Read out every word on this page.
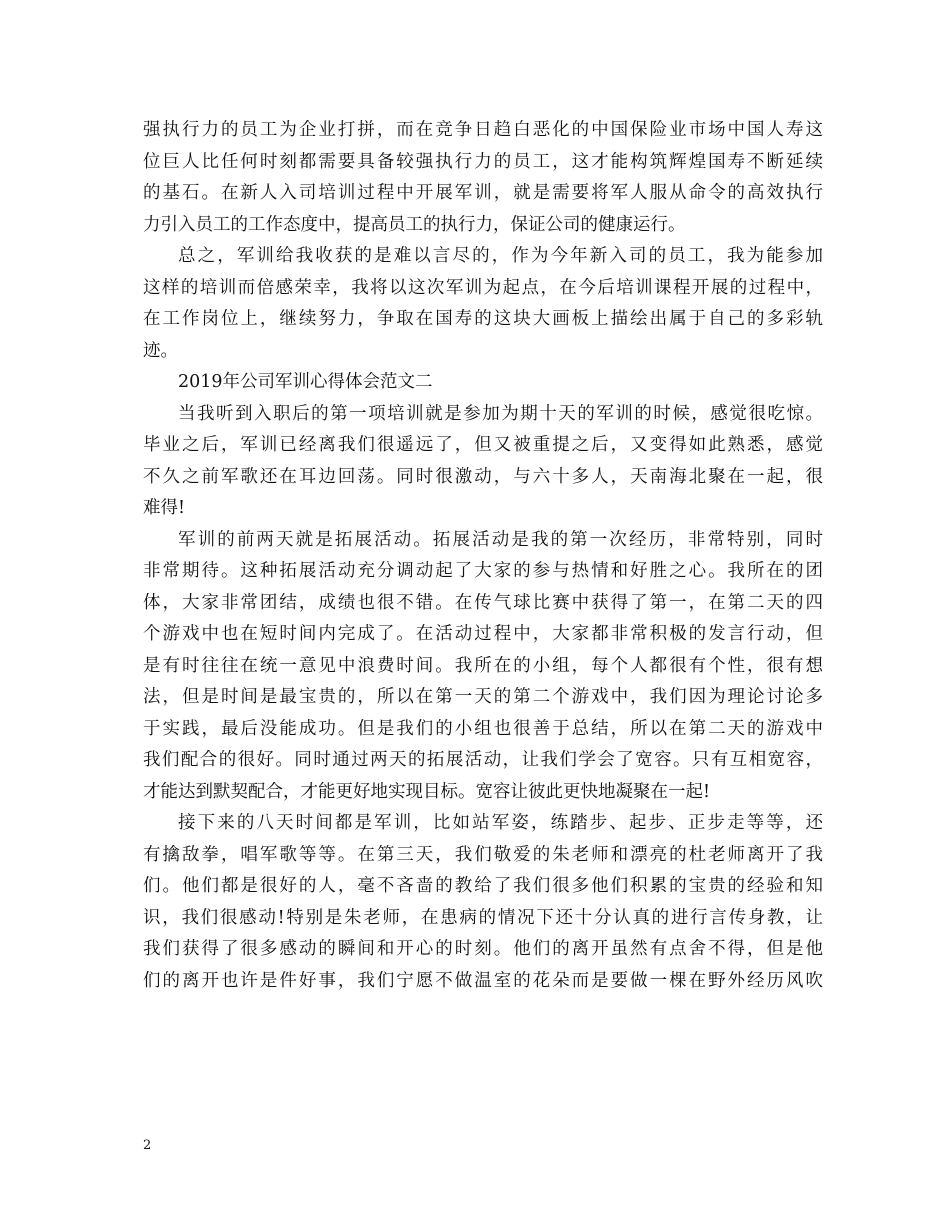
强执行力的员工为企业打拼，而在竞争日趋白恶化的中国保险业市场中国人寿这
位巨人比任何时刻都需要具备较强执行力的员工，这才能构筑辉煌国寿不断延续
的基石。在新人入司培训过程中开展军训，就是需要将军人服从命令的高效执行
力引入员工的工作态度中，提高员工的执行力，保证公司的健康运行。
总之，军训给我收获的是难以言尽的，作为今年新入司的员工，我为能参加
这样的培训而倍感荣幸，我将以这次军训为起点，在今后培训课程开展的过程中，
在工作岗位上，继续努力，争取在国寿的这块大画板上描绘出属于自己的多彩轨
迹。
2019年公司军训心得体会范文二
当我听到入职后的第一项培训就是参加为期十天的军训的时候，感觉很吃惊。
毕业之后，军训已经离我们很遥远了，但又被重提之后，又变得如此熟悉，感觉
不久之前军歌还在耳边回荡。同时很激动，与六十多人，天南海北聚在一起，很
难得!
军训的前两天就是拓展活动。拓展活动是我的第一次经历，非常特别，同时
非常期待。这种拓展活动充分调动起了大家的参与热情和好胜之心。我所在的团
体，大家非常团结，成绩也很不错。在传气球比赛中获得了第一，在第二天的四
个游戏中也在短时间内完成了。在活动过程中，大家都非常积极的发言行动，但
是有时往往在统一意见中浪费时间。我所在的小组，每个人都很有个性，很有想
法，但是时间是最宝贵的，所以在第一天的第二个游戏中，我们因为理论讨论多
于实践，最后没能成功。但是我们的小组也很善于总结，所以在第二天的游戏中
我们配合的很好。同时通过两天的拓展活动，让我们学会了宽容。只有互相宽容，
才能达到默契配合，才能更好地实现目标。宽容让彼此更快地凝聚在一起!
接下来的八天时间都是军训，比如站军姿，练踏步、起步、正步走等等，还
有擒敌拳，唱军歌等等。在第三天，我们敬爱的朱老师和漂亮的杜老师离开了我
们。他们都是很好的人，毫不吝啬的教给了我们很多他们积累的宝贵的经验和知
识，我们很感动!特别是朱老师，在患病的情况下还十分认真的进行言传身教，让
我们获得了很多感动的瞬间和开心的时刻。他们的离开虽然有点舍不得，但是他
们的离开也许是件好事，我们宁愿不做温室的花朵而是要做一棵在野外经历风吹
2
